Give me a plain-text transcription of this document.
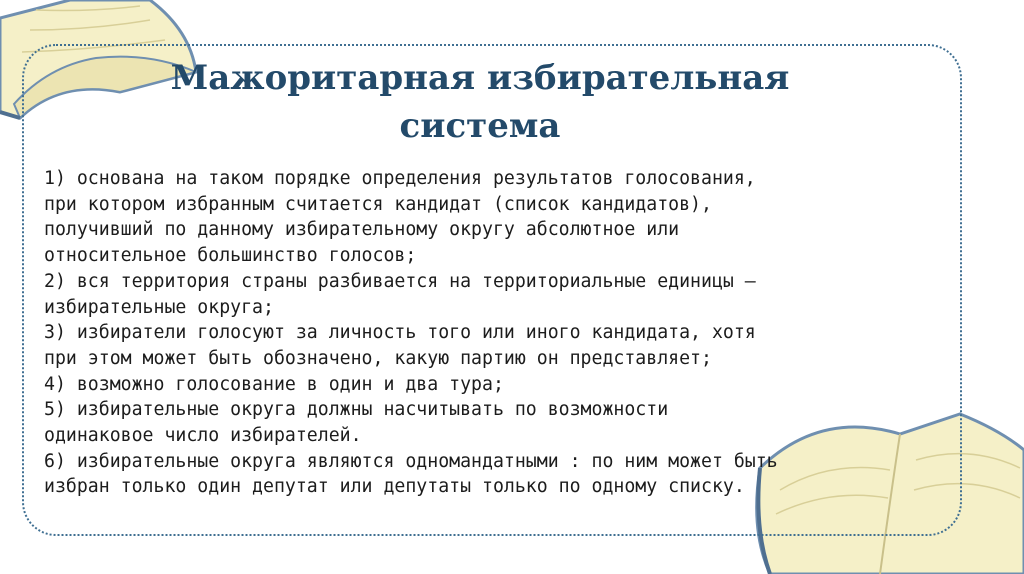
Мажоритарная избирательная
система
1) основана на таком порядке определения результатов голосования,
при котором избранным считается кандидат (список кандидатов),
получивший по данному избирательному округу абсолютное или
относительное большинство голосов;
2) вся территория страны разбивается на территориальные единицы –
избирательные округа;
3) избиратели голосуют за личность того или иного кандидата, хотя
при этом может быть обозначено, какую партию он представляет;
4) возможно голосование в один и два тура;
5) избирательные округа должны насчитывать по возможности
одинаковое число избирателей.
6) избирательные округа являются одномандатными : по ним может быть
избран только один депутат или депутаты только по одному списку.
